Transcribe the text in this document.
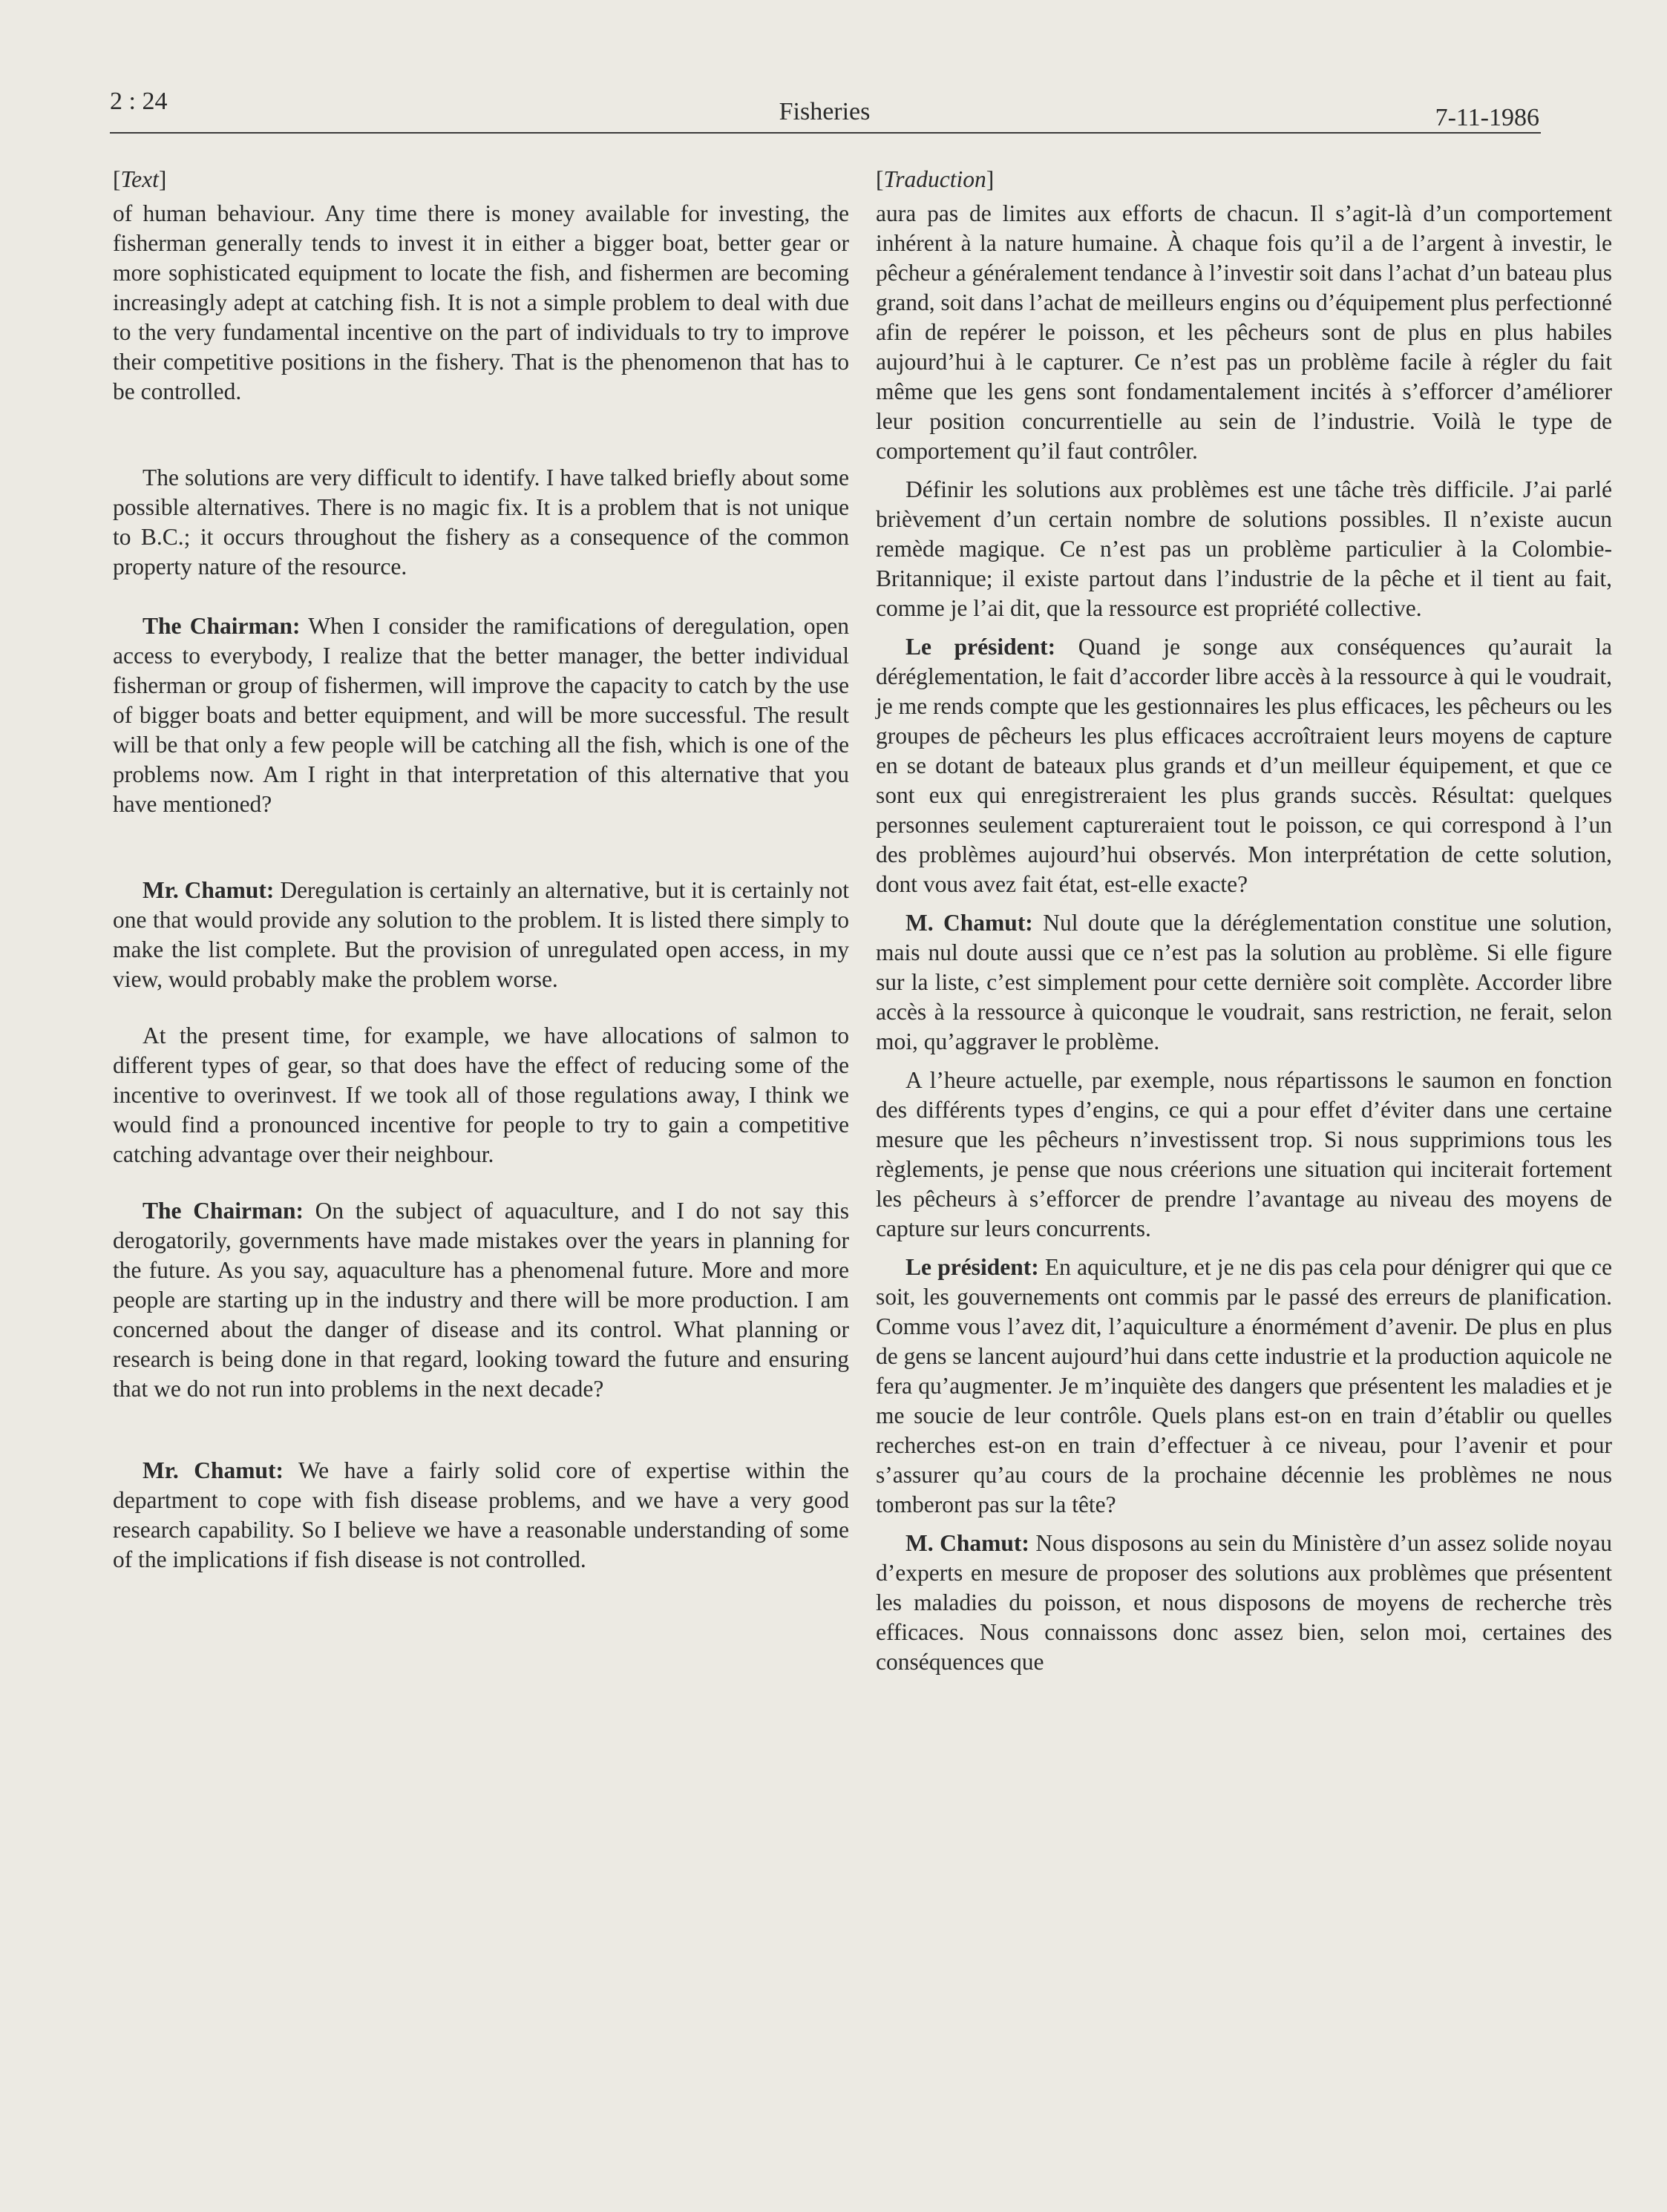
2 : 24	Fisheries	7-11-1986

[Text]

of human behaviour. Any time there is money available for investing, the fisherman generally tends to invest it in either a bigger boat, better gear or more sophisticated equipment to locate the fish, and fishermen are becoming increasingly adept at catching fish. It is not a simple problem to deal with due to the very fundamental incentive on the part of individuals to try to improve their competitive positions in the fishery. That is the phenomenon that has to be controlled.

The solutions are very difficult to identify. I have talked briefly about some possible alternatives. There is no magic fix. It is a problem that is not unique to B.C.; it occurs throughout the fishery as a consequence of the common property nature of the resource.

The Chairman: When I consider the ramifications of deregulation, open access to everybody, I realize that the better manager, the better individual fisherman or group of fishermen, will improve the capacity to catch by the use of bigger boats and better equipment, and will be more successful. The result will be that only a few people will be catching all the fish, which is one of the problems now. Am I right in that interpretation of this alternative that you have mentioned?

Mr. Chamut: Deregulation is certainly an alternative, but it is certainly not one that would provide any solution to the problem. It is listed there simply to make the list complete. But the provision of unregulated open access, in my view, would probably make the problem worse.

At the present time, for example, we have allocations of salmon to different types of gear, so that does have the effect of reducing some of the incentive to overinvest. If we took all of those regulations away, I think we would find a pronounced incentive for people to try to gain a competitive catching advantage over their neighbour.

The Chairman: On the subject of aquaculture, and I do not say this derogatorily, governments have made mistakes over the years in planning for the future. As you say, aquaculture has a phenomenal future. More and more people are starting up in the industry and there will be more production. I am concerned about the danger of disease and its control. What planning or research is being done in that regard, looking toward the future and ensuring that we do not run into problems in the next decade?

Mr. Chamut: We have a fairly solid core of expertise within the department to cope with fish disease problems, and we have a very good research capability. So I believe we have a reasonable understanding of some of the implications if fish disease is not controlled.

[Traduction]

aura pas de limites aux efforts de chacun. Il s’agit-là d’un comportement inhérent à la nature humaine. À chaque fois qu’il a de l’argent à investir, le pêcheur a généralement tendance à l’investir soit dans l’achat d’un bateau plus grand, soit dans l’achat de meilleurs engins ou d’équipement plus perfectionné afin de repérer le poisson, et les pêcheurs sont de plus en plus habiles aujourd’hui à le capturer. Ce n’est pas un problème facile à régler du fait même que les gens sont fondamentalement incités à s’efforcer d’améliorer leur position concurrentielle au sein de l’industrie. Voilà le type de comportement qu’il faut contrôler.

Définir les solutions aux problèmes est une tâche très difficile. J’ai parlé brièvement d’un certain nombre de solutions possibles. Il n’existe aucun remède magique. Ce n’est pas un problème particulier à la Colombie-Britannique; il existe partout dans l’industrie de la pêche et il tient au fait, comme je l’ai dit, que la ressource est propriété collective.

Le président: Quand je songe aux conséquences qu’aurait la déréglementation, le fait d’accorder libre accès à la ressource à qui le voudrait, je me rends compte que les gestionnaires les plus efficaces, les pêcheurs ou les groupes de pêcheurs les plus efficaces accroîtraient leurs moyens de capture en se dotant de bateaux plus grands et d’un meilleur équipement, et que ce sont eux qui enregistreraient les plus grands succès. Résultat: quelques personnes seulement captureraient tout le poisson, ce qui correspond à l’un des problèmes aujourd’hui observés. Mon interprétation de cette solution, dont vous avez fait état, est-elle exacte?

M. Chamut: Nul doute que la déréglementation constitue une solution, mais nul doute aussi que ce n’est pas la solution au problème. Si elle figure sur la liste, c’est simplement pour cette dernière soit complète. Accorder libre accès à la ressource à quiconque le voudrait, sans restriction, ne ferait, selon moi, qu’aggraver le problème.

A l’heure actuelle, par exemple, nous répartissons le saumon en fonction des différents types d’engins, ce qui a pour effet d’éviter dans une certaine mesure que les pêcheurs n’investissent trop. Si nous supprimions tous les règlements, je pense que nous créerions une situation qui inciterait fortement les pêcheurs à s’efforcer de prendre l’avantage au niveau des moyens de capture sur leurs concurrents.

Le président: En aquiculture, et je ne dis pas cela pour dénigrer qui que ce soit, les gouvernements ont commis par le passé des erreurs de planification. Comme vous l’avez dit, l’aquiculture a énormément d’avenir. De plus en plus de gens se lancent aujourd’hui dans cette industrie et la production aquicole ne fera qu’augmenter. Je m’inquiète des dangers que présentent les maladies et je me soucie de leur contrôle. Quels plans est-on en train d’établir ou quelles recherches est-on en train d’effectuer à ce niveau, pour l’avenir et pour s’assurer qu’au cours de la prochaine décennie les problèmes ne nous tomberont pas sur la tête?

M. Chamut: Nous disposons au sein du Ministère d’un assez solide noyau d’experts en mesure de proposer des solutions aux problèmes que présentent les maladies du poisson, et nous disposons de moyens de recherche très efficaces. Nous connaissons donc assez bien, selon moi, certaines des conséquences que
